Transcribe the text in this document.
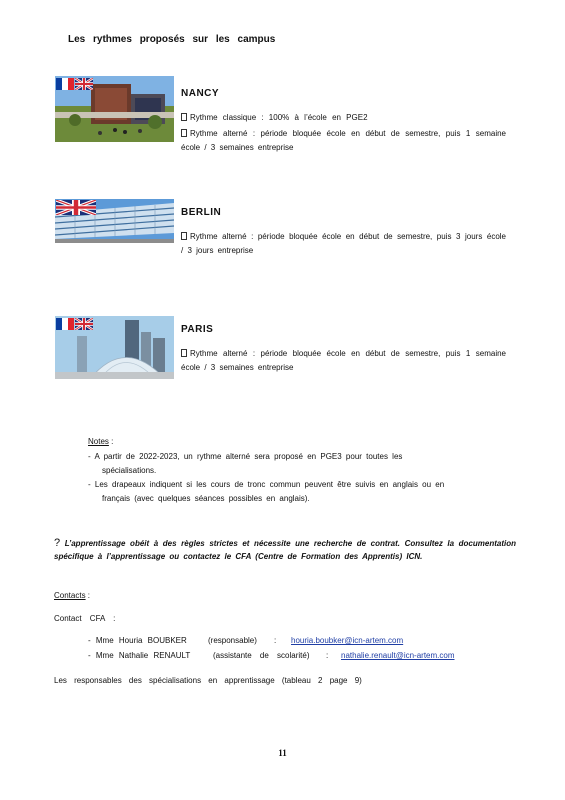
Les rythmes proposés sur les campus
NANCY
Rythme classique : 100% à l’école en PGE2
Rythme alterné : période bloquée école en début de semestre, puis 1 semaine école / 3 semaines entreprise
BERLIN
Rythme alterné : période bloquée école en début de semestre, puis 3 jours école / 3 jours entreprise
PARIS
Rythme alterné : période bloquée école en début de semestre, puis 1 semaine école / 3 semaines entreprise
Notes :
- A partir de 2022-2023, un rythme alterné sera proposé en PGE3 pour toutes les
spécialisations.
- Les drapeaux indiquent si les cours de tronc commun peuvent être suivis en anglais ou en
français (avec quelques séances possibles en anglais).
? L’apprentissage obéit à des règles strictes et nécessite une recherche de contrat. Consultez la documentation spécifique à l’apprentissage ou contactez le CFA (Centre de Formation des Apprentis) ICN.
Contacts :
Contact CFA :
- Mme Houria BOUBKER	(responsable) : houria.boubker@icn-artem.com
- Mme Nathalie RENAULT	(assistante de scolarité) : nathalie.renault@icn-artem.com
Les responsables des spécialisations en apprentissage (tableau 2 page 9)
11
